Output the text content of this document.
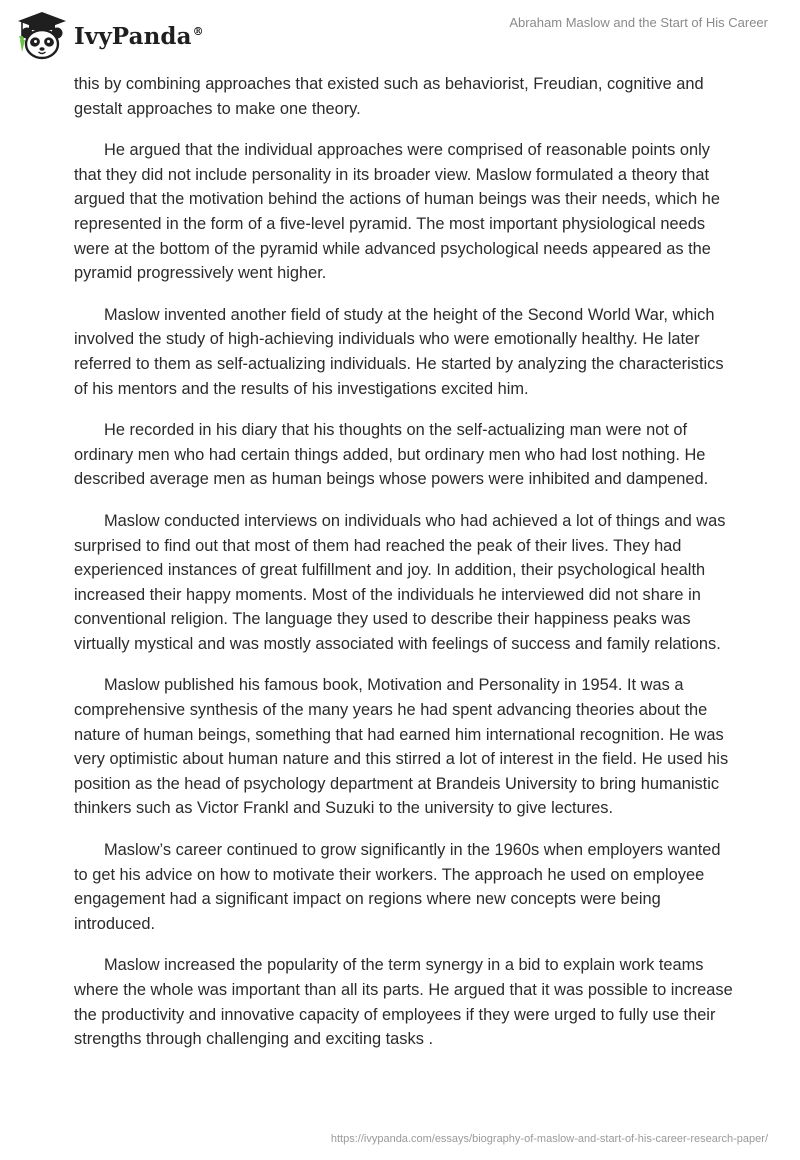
IvyPanda®
Abraham Maslow and the Start of His Career

this by combining approaches that existed such as behaviorist, Freudian, cognitive and gestalt approaches to make one theory.

He argued that the individual approaches were comprised of reasonable points only that they did not include personality in its broader view. Maslow formulated a theory that argued that the motivation behind the actions of human beings was their needs, which he represented in the form of a five-level pyramid. The most important physiological needs were at the bottom of the pyramid while advanced psychological needs appeared as the pyramid progressively went higher.

Maslow invented another field of study at the height of the Second World War, which involved the study of high-achieving individuals who were emotionally healthy. He later referred to them as self-actualizing individuals. He started by analyzing the characteristics of his mentors and the results of his investigations excited him.

He recorded in his diary that his thoughts on the self-actualizing man were not of ordinary men who had certain things added, but ordinary men who had lost nothing. He described average men as human beings whose powers were inhibited and dampened.

Maslow conducted interviews on individuals who had achieved a lot of things and was surprised to find out that most of them had reached the peak of their lives. They had experienced instances of great fulfillment and joy. In addition, their psychological health increased their happy moments. Most of the individuals he interviewed did not share in conventional religion. The language they used to describe their happiness peaks was virtually mystical and was mostly associated with feelings of success and family relations.

Maslow published his famous book, Motivation and Personality in 1954. It was a comprehensive synthesis of the many years he had spent advancing theories about the nature of human beings, something that had earned him international recognition. He was very optimistic about human nature and this stirred a lot of interest in the field. He used his position as the head of psychology department at Brandeis University to bring humanistic thinkers such as Victor Frankl and Suzuki to the university to give lectures.

Maslow’s career continued to grow significantly in the 1960s when employers wanted to get his advice on how to motivate their workers. The approach he used on employee engagement had a significant impact on regions where new concepts were being introduced.

Maslow increased the popularity of the term synergy in a bid to explain work teams where the whole was important than all its parts. He argued that it was possible to increase the productivity and innovative capacity of employees if they were urged to fully use their strengths through challenging and exciting tasks .

https://ivypanda.com/essays/biography-of-maslow-and-start-of-his-career-research-paper/
